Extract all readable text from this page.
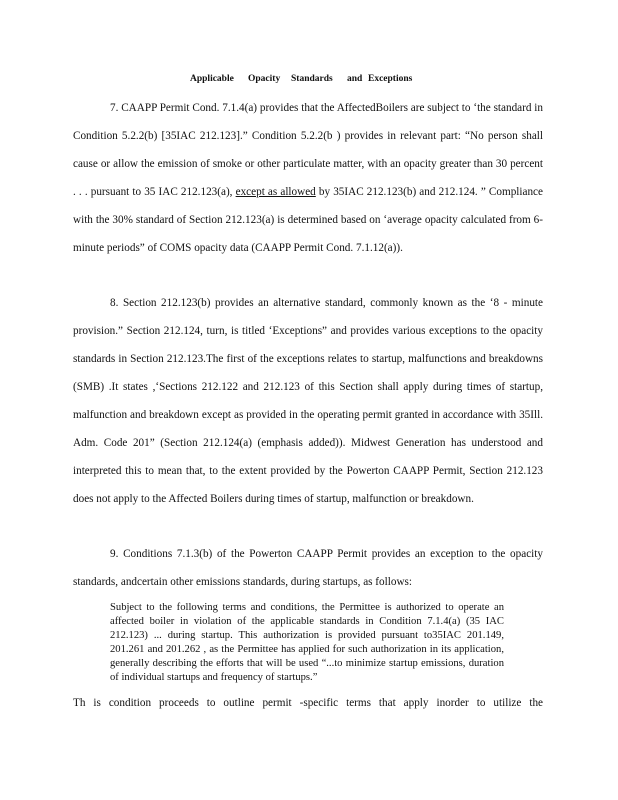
Applicable Opacity Standards and Exceptions

7. CAAPP Permit Cond. 7.1.4(a) provides that the AffectedBoilers are subject to ‘the standard in Condition 5.2.2(b) [35IAC 212.123].” Condition 5.2.2(b ) provides in relevant part: “No person shall cause or allow the emission of smoke or other particulate matter, with an opacity greater than 30 percent . . . pursuant to 35 IAC 212.123(a), except as allowed by 35IAC 212.123(b) and 212.124. ” Compliance with the 30% standard of Section 212.123(a) is determined based on ‘average opacity calculated from 6-minute periods” of COMS opacity data (CAAPP Permit Cond. 7.1.12(a)).

8. Section 212.123(b) provides an alternative standard, commonly known as the ‘8 - minute provision.” Section 212.124, turn, is titled ‘Exceptions” and provides various exceptions to the opacity standards in Section 212.123.The first of the exceptions relates to startup, malfunctions and breakdowns (SMB) .It states ,‘Sections 212.122 and 212.123 of this Section shall apply during times of startup, malfunction and breakdown except as provided in the operating permit granted in accordance with 35Ill. Adm. Code 201” (Section 212.124(a) (emphasis added)). Midwest Generation has understood and interpreted this to mean that, to the extent provided by the Powerton CAAPP Permit, Section 212.123 does not apply to the Affected Boilers during times of startup, malfunction or breakdown.

9. Conditions 7.1.3(b) of the Powerton CAAPP Permit provides an exception to the opacity standards, andcertain other emissions standards, during startups, as follows:

Subject to the following terms and conditions, the Permittee is authorized to operate an affected boiler in violation of the applicable standards in Condition 7.1.4(a) (35 IAC 212.123) ... during startup. This authorization is provided pursuant to35IAC 201.149, 201.261 and 201.262 , as the Permittee has applied for such authorization in its application, generally describing the efforts that will be used “...to minimize startup emissions, duration of individual startups and frequency of startups.”

Th is condition proceeds to outline permit -specific terms that apply inorder to utilize the
